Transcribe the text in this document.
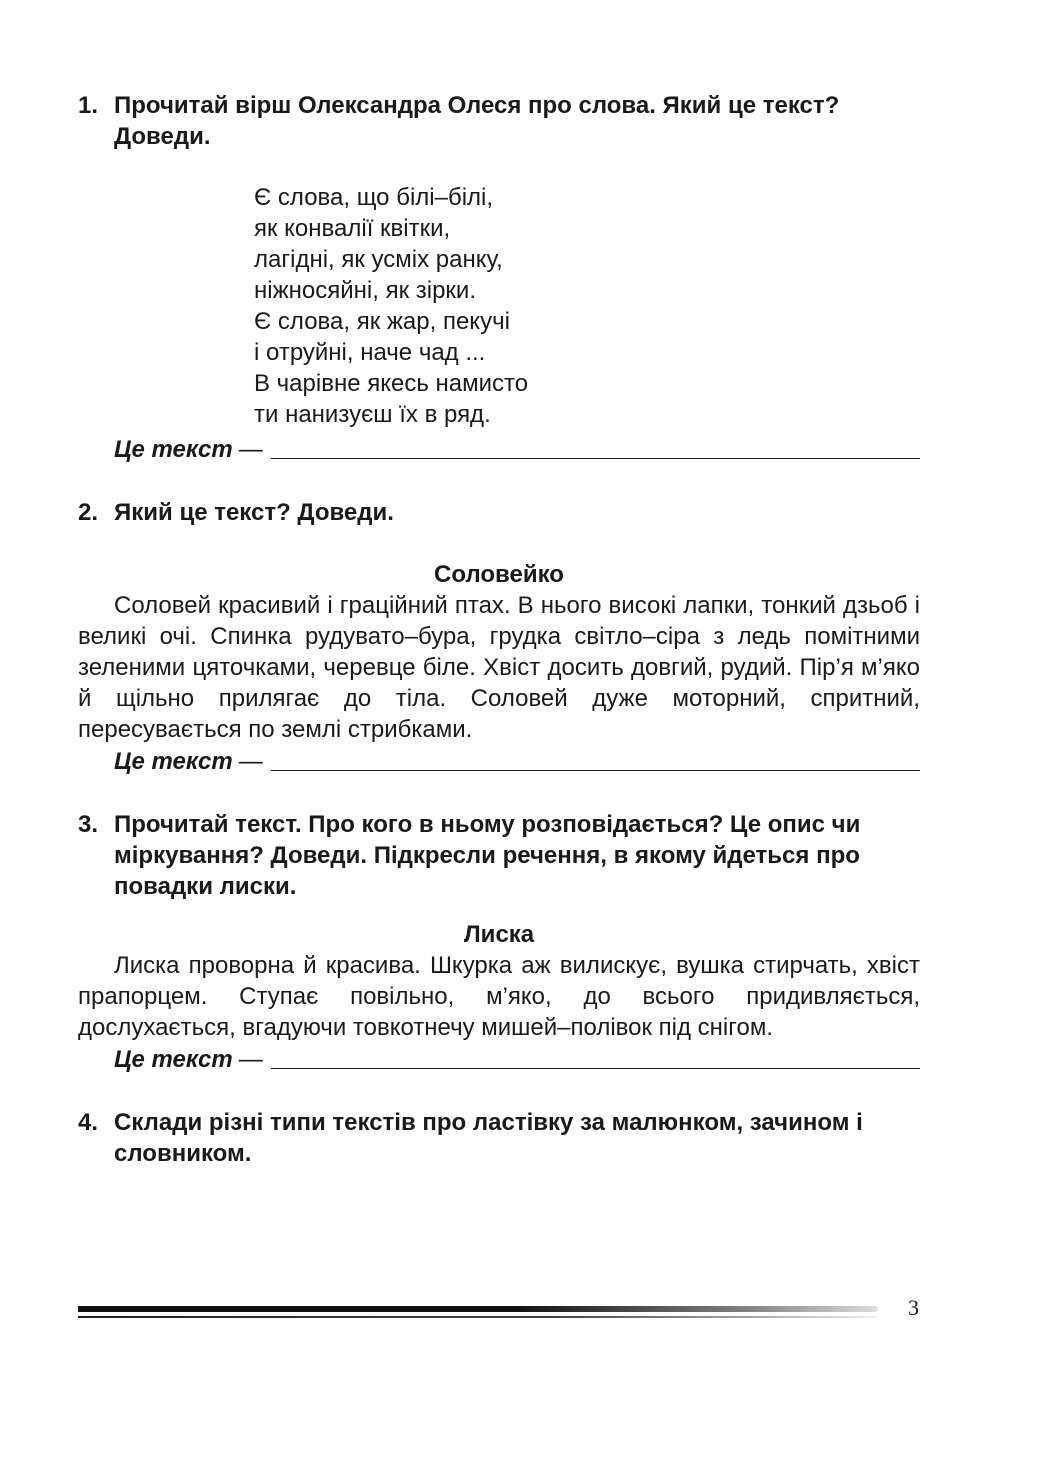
1. Прочитай вірш Олександра Олеся про слова. Який це текст? Доведи.
Є слова, що білі–білі,
як конвалії квітки,
лагідні, як усміх ранку,
ніжносяйні, як зірки.
Є слова, як жар, пекучі
і отруйні, наче чад ...
В чарівне якесь намисто
ти нанизуєш їх в ряд.
Це текст —
2. Який це текст? Доведи.
Соловейко
Соловей красивий і граційний птах. В нього високі лапки, тонкий дзьоб і великі очі. Спинка рудувато–бура, грудка світло–сіра з ледь помітними зеленими цяточками, черевце біле. Хвіст досить довгий, рудий. Пір’я м’яко й щільно прилягає до тіла. Соловей дуже моторний, спритний, пересувається по землі стрибками.
Це текст —
3. Прочитай текст. Про кого в ньому розповідається? Це опис чи міркування? Доведи. Підкресли речення, в якому йдеться про повадки лиски.
Лиска
Лиска проворна й красива. Шкурка аж вилискує, вушка стирчать, хвіст прапорцем. Ступає повільно, м’яко, до всього придивляється, дослухається, вгадуючи товкотнечу мишей–полівок під снігом.
Це текст —
4. Склади різні типи текстів про ластівку за малюнком, зачином і словником.
3
